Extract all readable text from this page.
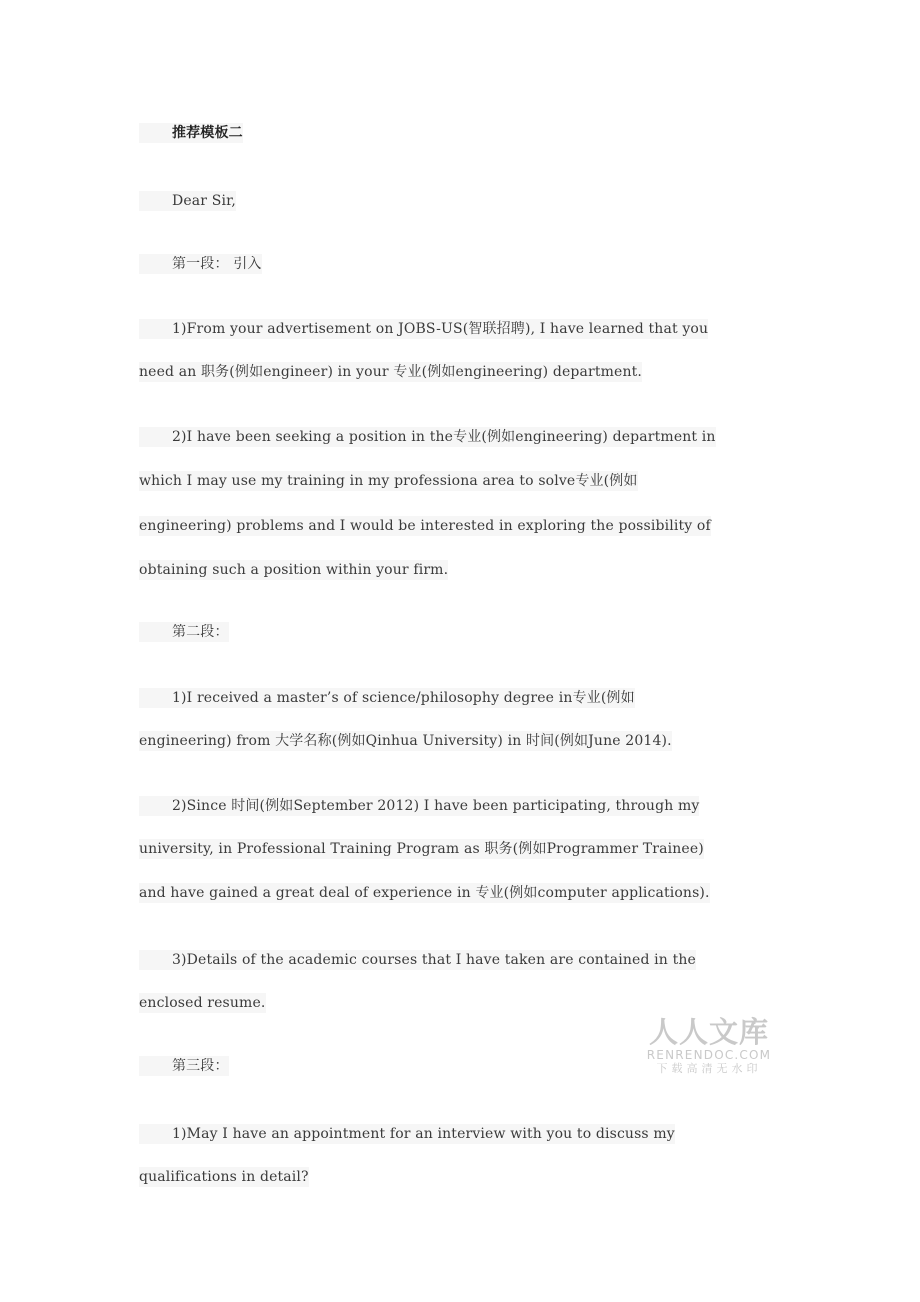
推荐模板二
Dear Sir,
第一段： 引入
1)From your advertisement on JOBS-US(智联招聘), I have learned that you
need an 职务(例如engineer) in your 专业(例如engineering) department.
2)I have been seeking a position in the专业(例如engineering) department in
which I may use my training in my professiona area to solve专业(例如
engineering) problems and I would be interested in exploring the possibility of
obtaining such a position within your firm.
第二段：
1)I received a master’s of science/philosophy degree in专业(例如
engineering) from 大学名称(例如Qinhua University) in 时间(例如June 2014).
2)Since 时间(例如September 2012) I have been participating, through my
university, in Professional Training Program as 职务(例如Programmer Trainee)
and have gained a great deal of experience in 专业(例如computer applications).
3)Details of the academic courses that I have taken are contained in the
enclosed resume.
第三段：
1)May I have an appointment for an interview with you to discuss my
qualifications in detail?
人人文库
RENRENDOC.COM
下载高清无水印
